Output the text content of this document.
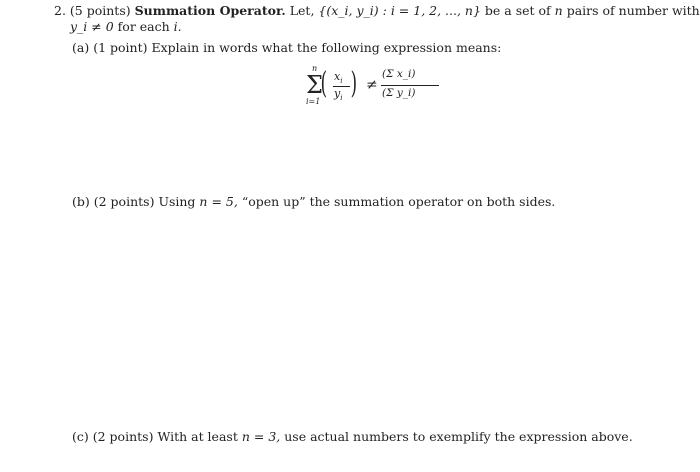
2. (5 points) Summation Operator. Let, {(x_i, y_i) : i = 1, 2, ..., n} be a set of n pairs of number with
y_i ≠ 0 for each i.
(a) (1 point) Explain in words what the following expression means:
n
Σ
i=1
( $x_i$
$y_i$ ) ≠
(Σ x_i)
(Σ y_i)
(b) (2 points) Using n = 5, “open up” the summation operator on both sides.
(c) (2 points) With at least n = 3, use actual numbers to exemplify the expression above.
